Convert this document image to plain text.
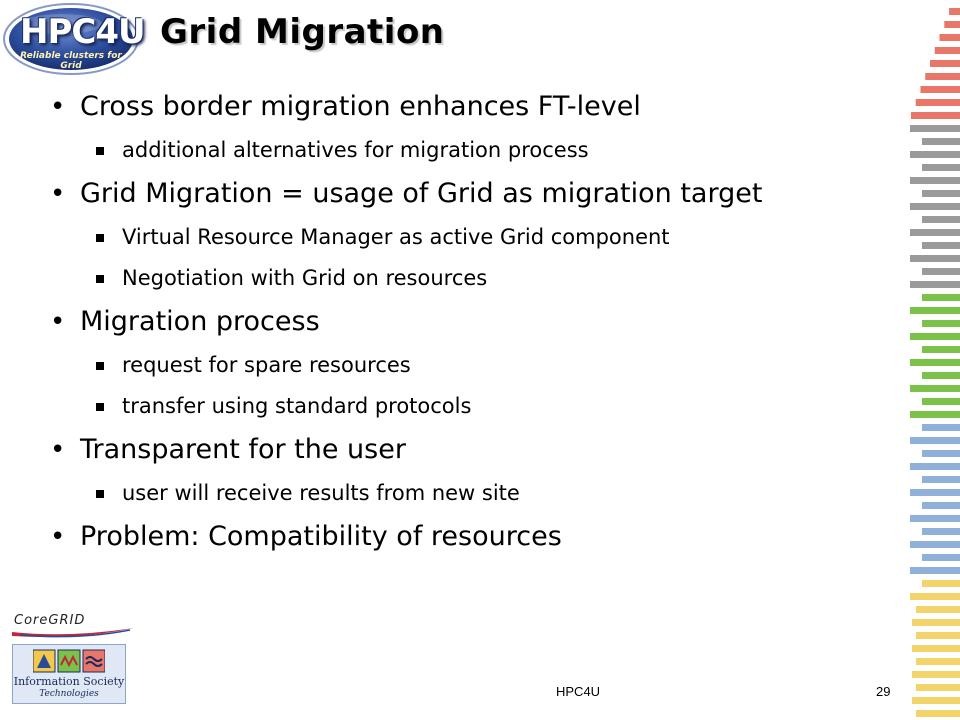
HPC4U
Reliable clusters for Grid
Grid Migration
• Cross border migration enhances FT-level
additional alternatives for migration process
• Grid Migration = usage of Grid as migration target
Virtual Resource Manager as active Grid component
Negotiation with Grid on resources
• Migration process
request for spare resources
transfer using standard protocols
• Transparent for the user
user will receive results from new site
• Problem: Compatibility of resources
CoreGRID
Information Society
Technologies	HPC4U	29
